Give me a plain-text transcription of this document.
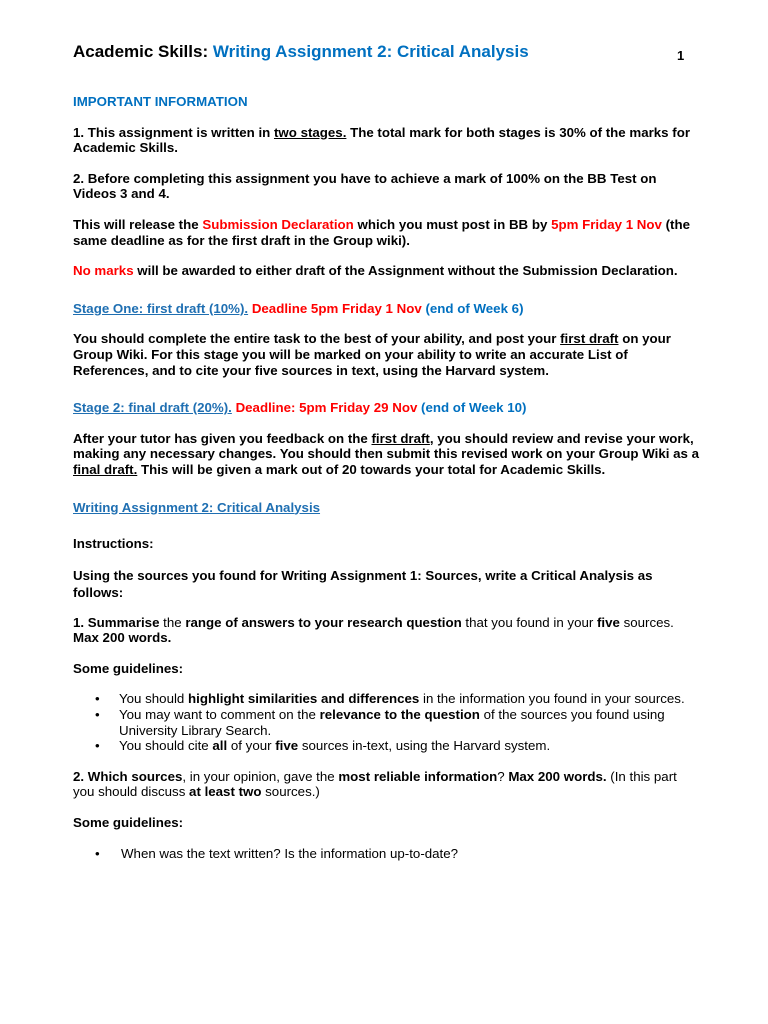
Academic Skills: Writing Assignment 2: Critical Analysis	1

IMPORTANT INFORMATION

1. This assignment is written in two stages. The total mark for both stages is 30% of the marks for Academic Skills.

2. Before completing this assignment you have to achieve a mark of 100% on the BB Test on Videos 3 and 4.

This will release the Submission Declaration which you must post in BB by 5pm Friday 1 Nov (the same deadline as for the first draft in the Group wiki).

No marks will be awarded to either draft of the Assignment without the Submission Declaration.

Stage One: first draft (10%). Deadline 5pm Friday 1 Nov (end of Week 6)

You should complete the entire task to the best of your ability, and post your first draft on your Group Wiki. For this stage you will be marked on your ability to write an accurate List of References, and to cite your five sources in text, using the Harvard system.

Stage 2: final draft (20%). Deadline: 5pm Friday 29 Nov (end of Week 10)

After your tutor has given you feedback on the first draft, you should review and revise your work, making any necessary changes. You should then submit this revised work on your Group Wiki as a final draft. This will be given a mark out of 20 towards your total for Academic Skills.

Writing Assignment 2: Critical Analysis

Instructions:

Using the sources you found for Writing Assignment 1: Sources, write a Critical Analysis as follows:

1. Summarise the range of answers to your research question that you found in your five sources. Max 200 words.

Some guidelines:

• You should highlight similarities and differences in the information you found in your sources.
• You may want to comment on the relevance to the question of the sources you found using University Library Search.
• You should cite all of your five sources in-text, using the Harvard system.

2. Which sources, in your opinion, gave the most reliable information? Max 200 words. (In this part you should discuss at least two sources.)

Some guidelines:

• When was the text written? Is the information up-to-date?
